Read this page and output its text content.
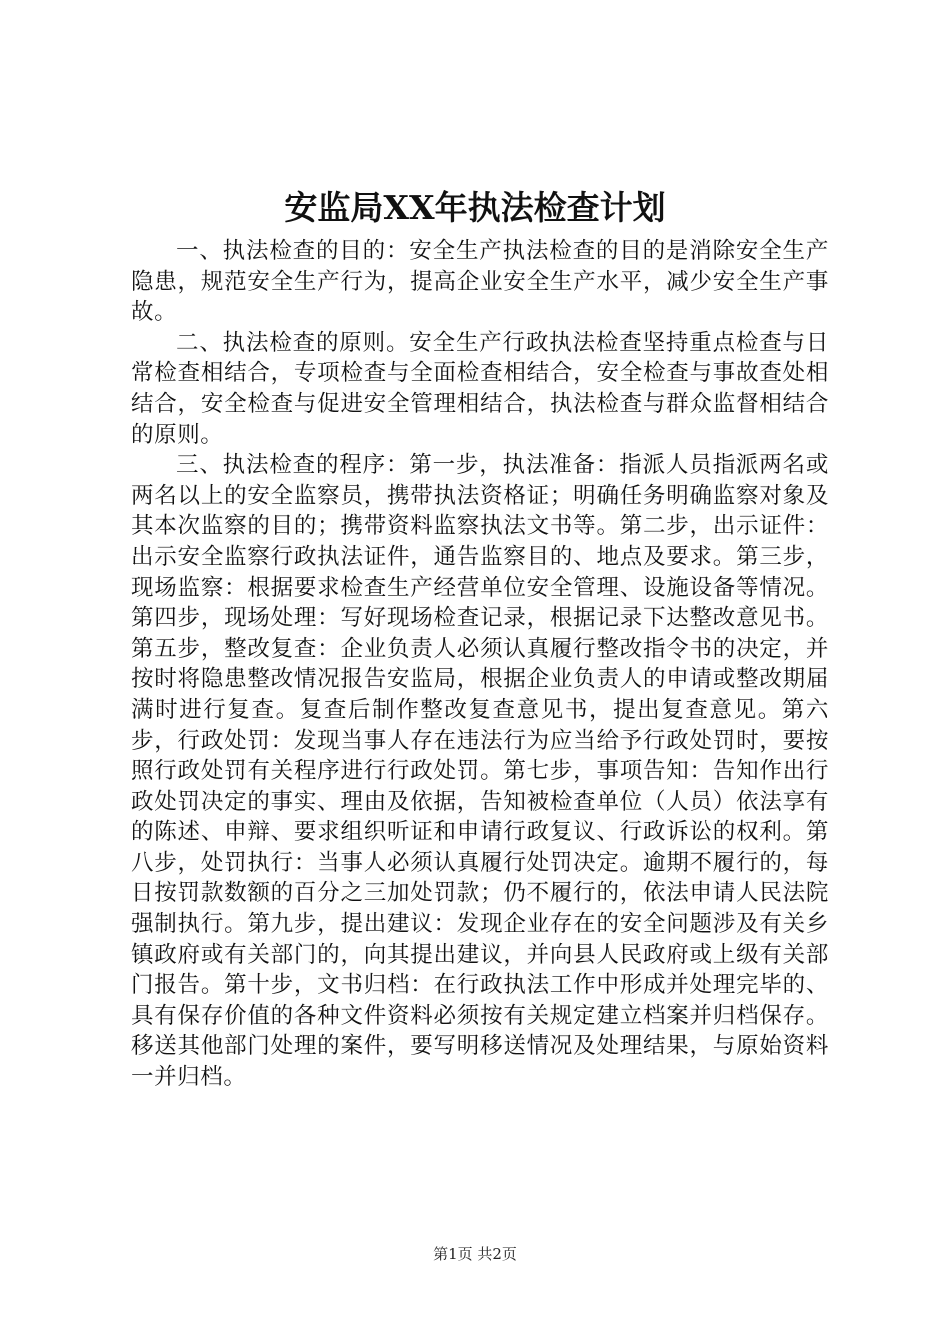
安监局XX年执法检查计划

一、执法检查的目的：安全生产执法检查的目的是消除安全生产隐患，规范安全生产行为，提高企业安全生产水平，减少安全生产事故。

二、执法检查的原则。安全生产行政执法检查坚持重点检查与日常检查相结合，专项检查与全面检查相结合，安全检查与事故查处相结合，安全检查与促进安全管理相结合，执法检查与群众监督相结合的原则。

三、执法检查的程序：第一步，执法准备：指派人员指派两名或两名以上的安全监察员，携带执法资格证；明确任务明确监察对象及其本次监察的目的；携带资料监察执法文书等。第二步，出示证件：出示安全监察行政执法证件，通告监察目的、地点及要求。第三步，现场监察：根据要求检查生产经营单位安全管理、设施设备等情况。第四步，现场处理：写好现场检查记录，根据记录下达整改意见书。第五步，整改复查：企业负责人必须认真履行整改指令书的决定，并按时将隐患整改情况报告安监局，根据企业负责人的申请或整改期届满时进行复查。复查后制作整改复查意见书，提出复查意见。第六步，行政处罚：发现当事人存在违法行为应当给予行政处罚时，要按照行政处罚有关程序进行行政处罚。第七步，事项告知：告知作出行政处罚决定的事实、理由及依据，告知被检查单位（人员）依法享有的陈述、申辩、要求组织听证和申请行政复议、行政诉讼的权利。第八步，处罚执行：当事人必须认真履行处罚决定。逾期不履行的，每日按罚款数额的百分之三加处罚款；仍不履行的，依法申请人民法院强制执行。第九步，提出建议：发现企业存在的安全问题涉及有关乡镇政府或有关部门的，向其提出建议，并向县人民政府或上级有关部门报告。第十步，文书归档：在行政执法工作中形成并处理完毕的、具有保存价值的各种文件资料必须按有关规定建立档案并归档保存。移送其他部门处理的案件，要写明移送情况及处理结果，与原始资料一并归档。

第1页 共2页
